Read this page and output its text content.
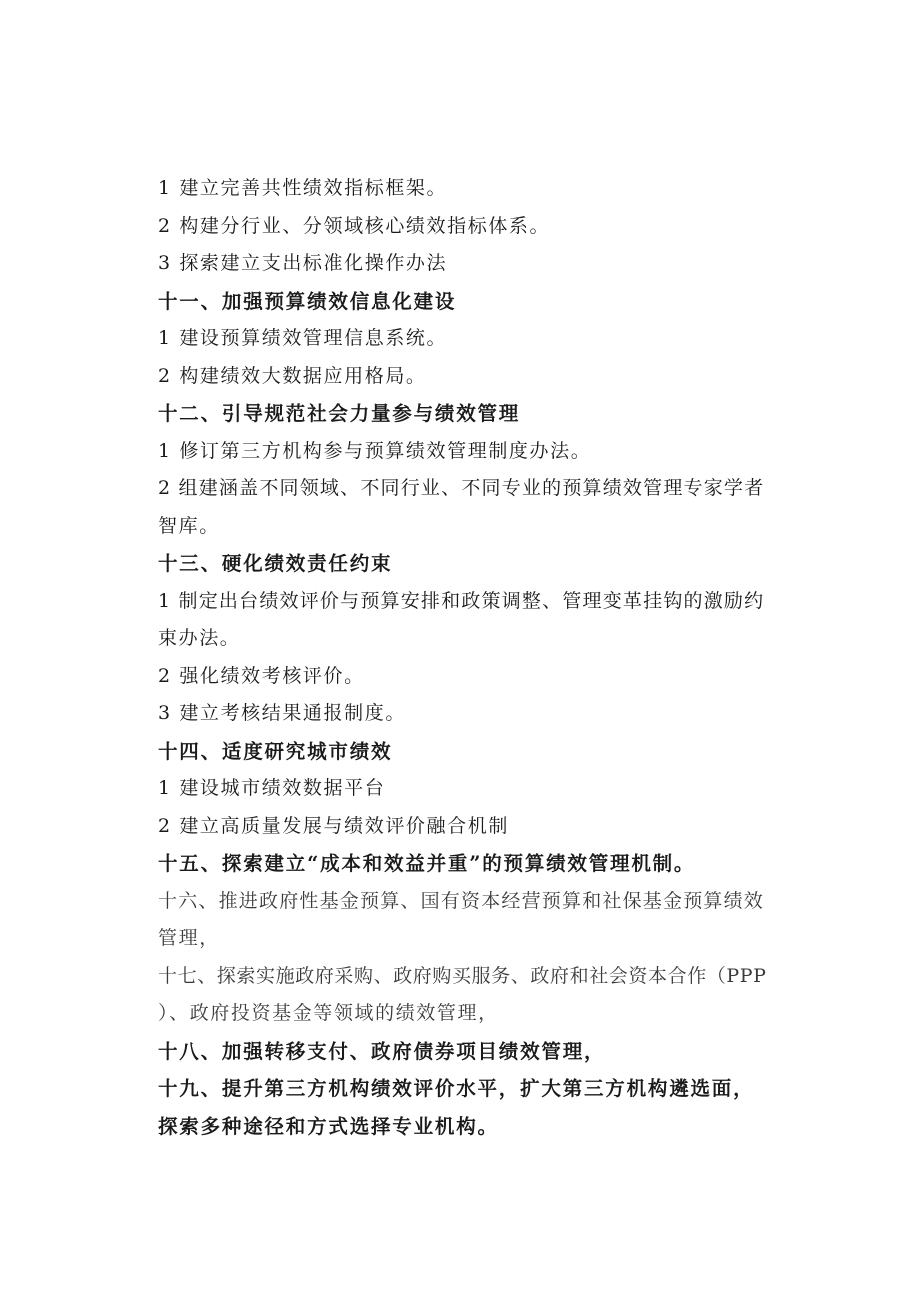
1 建立完善共性绩效指标框架。
2 构建分行业、分领域核心绩效指标体系。
3 探索建立支出标准化操作办法
十一、加强预算绩效信息化建设
1 建设预算绩效管理信息系统。
2 构建绩效大数据应用格局。
十二、引导规范社会力量参与绩效管理
1 修订第三方机构参与预算绩效管理制度办法。
2 组建涵盖不同领域、不同行业、不同专业的预算绩效管理专家学者
智库。
十三、硬化绩效责任约束
1 制定出台绩效评价与预算安排和政策调整、管理变革挂钩的激励约
束办法。
2 强化绩效考核评价。
3 建立考核结果通报制度。
十四、适度研究城市绩效
1 建设城市绩效数据平台
2 建立高质量发展与绩效评价融合机制
十五、探索建立“成本和效益并重”的预算绩效管理机制。
十六、推进政府性基金预算、国有资本经营预算和社保基金预算绩效
管理，
十七、探索实施政府采购、政府购买服务、政府和社会资本合作（PPP
）、政府投资基金等领域的绩效管理，
十八、加强转移支付、政府债券项目绩效管理，
十九、提升第三方机构绩效评价水平，扩大第三方机构遴选面，
探索多种途径和方式选择专业机构。
